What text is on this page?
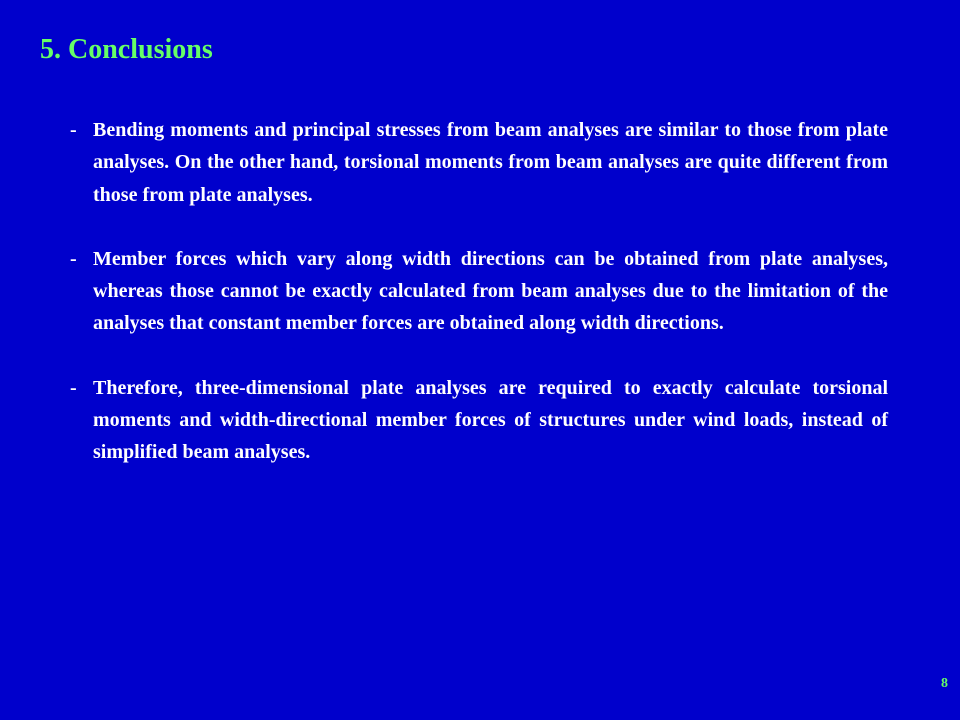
5. Conclusions
- Bending moments and principal stresses from beam analyses are similar to those from plate analyses. On the other hand, torsional moments from beam analyses are quite different from those from plate analyses.
- Member forces which vary along width directions can be obtained from plate analyses, whereas those cannot be exactly calculated from beam analyses due to the limitation of the analyses that constant member forces are obtained along width directions.
- Therefore, three-dimensional plate analyses are required to exactly calculate torsional moments and width-directional member forces of structures under wind loads, instead of simplified beam analyses.
8
